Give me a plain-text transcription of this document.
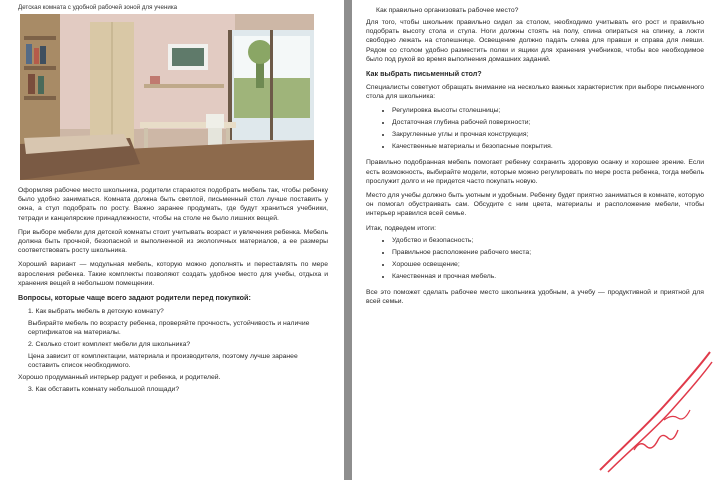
Детская комната с удобной рабочей зоной для ученика

Оформляя рабочее место школьника, родители стараются подобрать мебель так, чтобы ребенку было удобно заниматься. Комната должна быть светлой, письменный стол лучше поставить у окна, а стул подобрать по росту. Важно заранее продумать, где будут храниться учебники, тетради и канцелярские принадлежности, чтобы на столе не было лишних вещей.

При выборе мебели для детской комнаты стоит учитывать возраст и увлечения ребенка. Мебель должна быть прочной, безопасной и выполненной из экологичных материалов, а ее размеры соответствовать росту школьника.

Хороший вариант — модульная мебель, которую можно дополнять и переставлять по мере взросления ребенка. Такие комплекты позволяют создать удобное место для учебы, отдыха и хранения вещей в небольшом помещении.

Вопросы, которые чаще всего задают родители перед покупкой:

1. Как выбрать мебель в детскую комнату?

Выбирайте мебель по возрасту ребенка, проверяйте прочность, устойчивость и наличие сертификатов на материалы.

2. Сколько стоит комплект мебели для школьника?

Цена зависит от комплектации, материала и производителя, поэтому лучше заранее составить список необходимого.

Хорошо продуманный интерьер радует и ребенка, и родителей.

3. Как обставить комнату небольшой площади?

Как правильно организовать рабочее место?

Для того, чтобы школьник правильно сидел за столом, необходимо учитывать его рост и правильно подобрать высоту стола и стула. Ноги должны стоять на полу, спина опираться на спинку, а локти свободно лежать на столешнице. Освещение должно падать слева для правши и справа для левши. Рядом со столом удобно разместить полки и ящики для хранения учебников, чтобы все необходимое было под рукой во время выполнения домашних заданий.

Как выбрать письменный стол?

Специалисты советуют обращать внимание на несколько важных характеристик при выборе письменного стола для школьника:

• Регулировка высоты столешницы;
• Достаточная глубина рабочей поверхности;
• Закругленные углы и прочная конструкция;
• Качественные материалы и безопасные покрытия.

Правильно подобранная мебель помогает ребенку сохранить здоровую осанку и хорошее зрение. Если есть возможность, выбирайте модели, которые можно регулировать по мере роста ребенка, тогда мебель прослужит долго и не придется часто покупать новую.

Место для учебы должно быть уютным и удобным. Ребенку будет приятно заниматься в комнате, которую он помогал обустраивать сам. Обсудите с ним цвета, материалы и расположение мебели, чтобы интерьер нравился всей семье.

Итак, подведем итоги:

• Удобство и безопасность;
• Правильное расположение рабочего места;
• Хорошее освещение;
• Качественная и прочная мебель.

Все это поможет сделать рабочее место школьника удобным, а учебу — продуктивной и приятной для всей семьи.
